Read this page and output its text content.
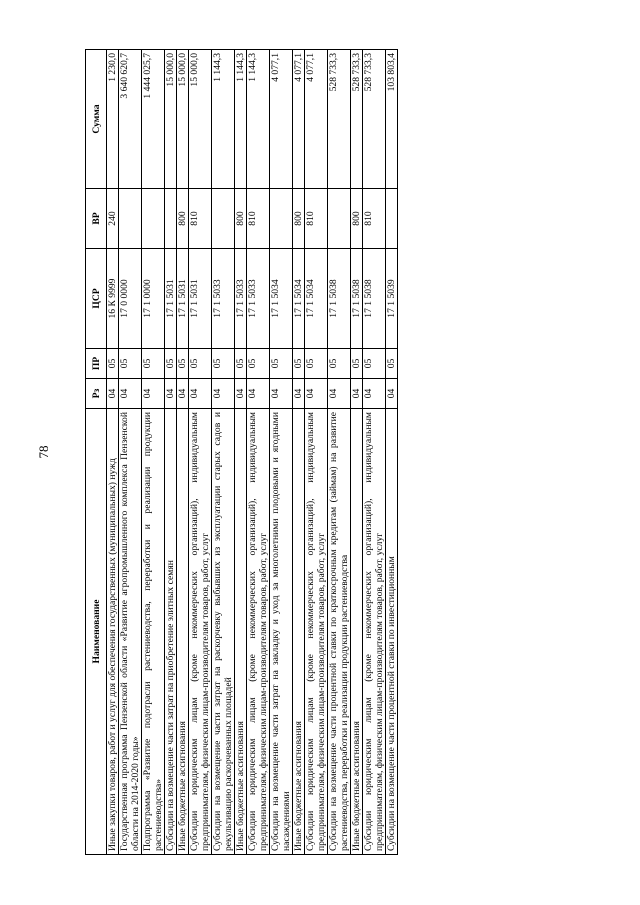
78
Наименование	Рз	ПР	ЦСР	ВР	Сумма
Иные закупки товаров, работ и услуг для обеспечения государственных (муниципальных) нужд	04	05	16 К 9999	240	1 230,0
Государственная программа Пензенской области «Развитие агропромышленного комплекса Пензенской области на 2014-2020 годы»	04	05	17 0 0000		3 640 620,7
Подпрограмма «Развитие подотрасли растениеводства, переработки и реализации продукции растениеводства»	04	05	17 1 0000		1 444 025,7
Субсидии на возмещение части затрат на приобретение элитных семян	04	05	17 1 5031		15 000,0
Иные бюджетные ассигнования	04	05	17 1 5031	800	15 000,0
Субсидии юридическим лицам (кроме некоммерческих организаций), индивидуальным предпринимателям, физическим лицам-производителям товаров, работ, услуг	04	05	17 1 5031	810	15 000,0
Субсидии на возмещение части затрат на раскорчевку выбывших из эксплуатации старых садов и рекультивацию раскорчеванных площадей	04	05	17 1 5033		1 144,3
Иные бюджетные ассигнования	04	05	17 1 5033	800	1 144,3
Субсидии юридическим лицам (кроме некоммерческих организаций), индивидуальным предпринимателям, физическим лицам-производителям товаров, работ, услуг	04	05	17 1 5033	810	1 144,3
Субсидии на возмещение части затрат на закладку и уход за многолетними плодовыми и ягодными насаждениями	04	05	17 1 5034		4 077,1
Иные бюджетные ассигнования	04	05	17 1 5034	800	4 077,1
Субсидии юридическим лицам (кроме некоммерческих организаций), индивидуальным предпринимателям, физическим лицам-производителям товаров, работ, услуг	04	05	17 1 5034	810	4 077,1
Субсидии на возмещение части процентной ставки по краткосрочным кредитам (займам) на развитие растениеводства, переработки и реализации продукции растениеводства	04	05	17 1 5038		528 733,3
Иные бюджетные ассигнования	04	05	17 1 5038	800	528 733,3
Субсидии юридическим лицам (кроме некоммерческих организаций), индивидуальным предпринимателям, физическим лицам-производителям товаров, работ, услуг	04	05	17 1 5038	810	528 733,3
Субсидии на возмещение части процентной ставки по инвестиционным	04	05	17 1 5039		103 803,4
